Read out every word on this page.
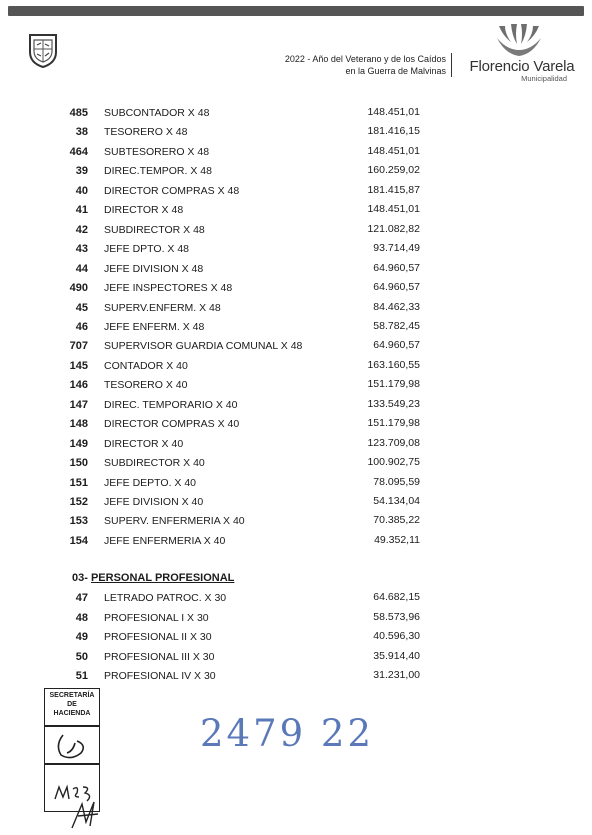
2022 - Año del Veterano y de los Caídos
en la Guerra de Malvinas	Florencio Varela
Municipalidad
485 SUBCONTADOR X 48	148.451,01
38 TESORERO X 48	181.416,15
464 SUBTESORERO X 48	148.451,01
39 DIREC.TEMPOR. X 48	160.259,02
40 DIRECTOR COMPRAS X 48	181.415,87
41 DIRECTOR X 48	148.451,01
42 SUBDIRECTOR X 48	121.082,82
43 JEFE DPTO. X 48	93.714,49
44 JEFE DIVISION X 48	64.960,57
490 JEFE INSPECTORES X 48	64.960,57
45 SUPERV.ENFERM. X 48	84.462,33
46 JEFE ENFERM. X 48	58.782,45
707 SUPERVISOR GUARDIA COMUNAL X 48	64.960,57
145 CONTADOR X 40	163.160,55
146 TESORERO X 40	151.179,98
147 DIREC. TEMPORARIO X 40	133.549,23
148 DIRECTOR COMPRAS X 40	151.179,98
149 DIRECTOR X 40	123.709,08
150 SUBDIRECTOR X 40	100.902,75
151 JEFE DEPTO. X 40	78.095,59
152 JEFE DIVISION X 40	54.134,04
153 SUPERV. ENFERMERIA X 40	70.385,22
154 JEFE ENFERMERIA X 40	49.352,11
03- PERSONAL PROFESIONAL
47 LETRADO PATROC. X 30	64.682,15
48 PROFESIONAL I X 30	58.573,96
49 PROFESIONAL II X 30	40.596,30
50 PROFESIONAL III X 30	35.914,40
51 PROFESIONAL IV X 30	31.231,00
SECRETARÍA
DE
HACIENDA	2479 22
